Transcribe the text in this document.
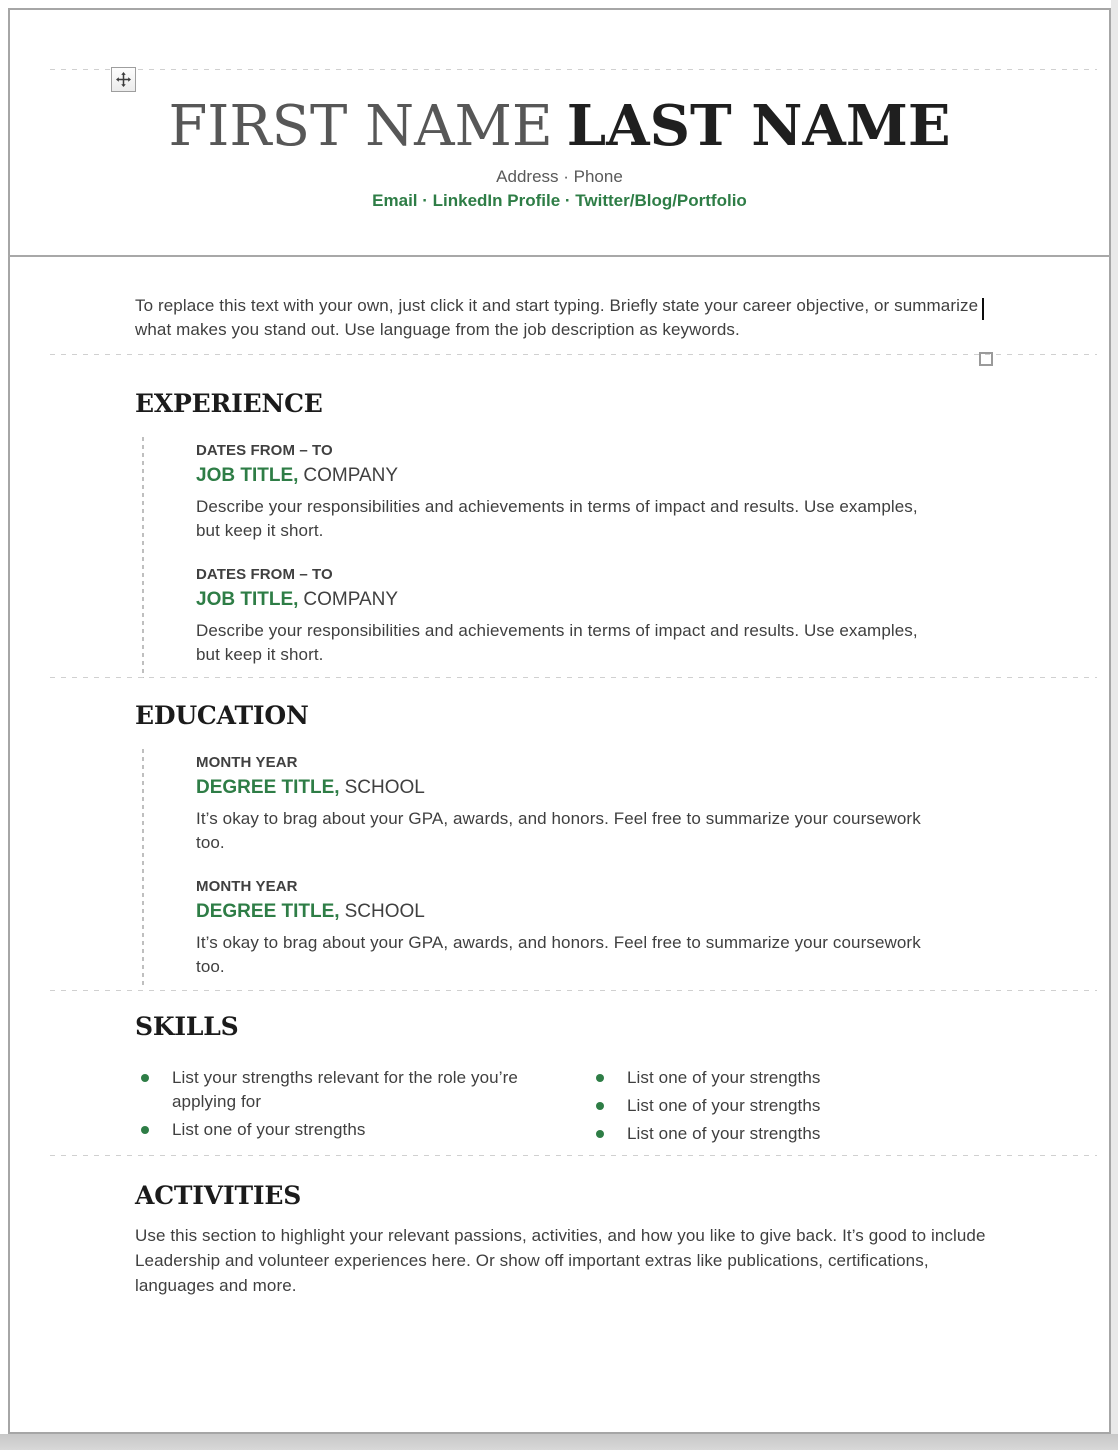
FIRST NAME LAST NAME
Address · Phone
Email · LinkedIn Profile · Twitter/Blog/Portfolio

To replace this text with your own, just click it and start typing. Briefly state your career objective, or summarize what makes you stand out. Use language from the job description as keywords.

EXPERIENCE
DATES FROM – TO
JOB TITLE, COMPANY
Describe your responsibilities and achievements in terms of impact and results. Use examples, but keep it short.
DATES FROM – TO
JOB TITLE, COMPANY
Describe your responsibilities and achievements in terms of impact and results. Use examples, but keep it short.
EDUCATION
MONTH YEAR
DEGREE TITLE, SCHOOL
It’s okay to brag about your GPA, awards, and honors. Feel free to summarize your coursework too.
MONTH YEAR
DEGREE TITLE, SCHOOL
It’s okay to brag about your GPA, awards, and honors. Feel free to summarize your coursework too.
SKILLS
List your strengths relevant for the role you’re applying for
List one of your strengths
List one of your strengths
List one of your strengths
List one of your strengths
ACTIVITIES

Use this section to highlight your relevant passions, activities, and how you like to give back. It’s good to include Leadership and volunteer experiences here. Or show off important extras like publications, certifications, languages and more.
